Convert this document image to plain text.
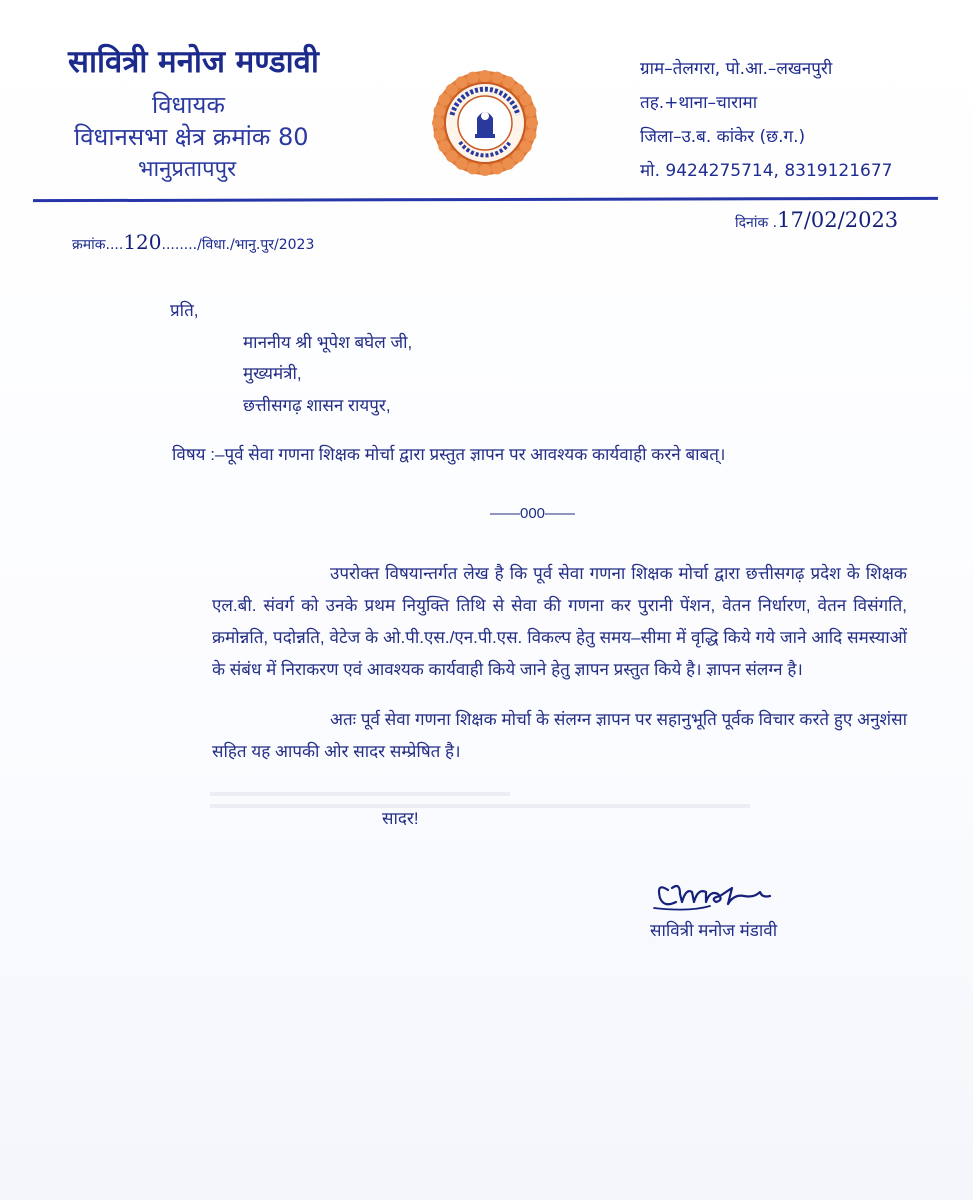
सावित्री मनोज मण्डावी
विधायक
विधानसभा क्षेत्र क्रमांक 80
भानुप्रतापपुर
ग्राम–तेलगरा, पो.आ.–लखनपुरी
तह.+थाना–चारामा
जिला–उ.ब. कांकेर (छ.ग.)
मो. 9424275714, 8319121677
क्रमांक....120......../विधा./भानु.पुर/2023
दिनांक .17/02/2023
प्रति,
माननीय श्री भूपेश बघेल जी,
मुख्यमंत्री,
छत्तीसगढ़ शासन रायपुर,
विषय :–पूर्व सेवा गणना शिक्षक मोर्चा द्वारा प्रस्तुत ज्ञापन पर आवश्यक कार्यवाही करने बाबत्।
——000——
उपरोक्त विषयान्तर्गत लेख है कि पूर्व सेवा गणना शिक्षक मोर्चा द्वारा छत्तीसगढ़ प्रदेश के शिक्षक एल.बी. संवर्ग को उनके प्रथम नियुक्ति तिथि से सेवा की गणना कर पुरानी पेंशन, वेतन निर्धारण, वेतन विसंगति, क्रमोन्नति, पदोन्नति, वेटेज के ओ.पी.एस./एन.पी.एस. विकल्प हेतु समय–सीमा में वृद्धि किये गये जाने आदि समस्याओं के संबंध में निराकरण एवं आवश्यक कार्यवाही किये जाने हेतु ज्ञापन प्रस्तुत किये है। ज्ञापन संलग्न है।
अतः पूर्व सेवा गणना शिक्षक मोर्चा के संलग्न ज्ञापन पर सहानुभूति पूर्वक विचार करते हुए अनुशंसा सहित यह आपकी ओर सादर सम्प्रेषित है।
सादर!
सावित्री मनोज मंडावी
